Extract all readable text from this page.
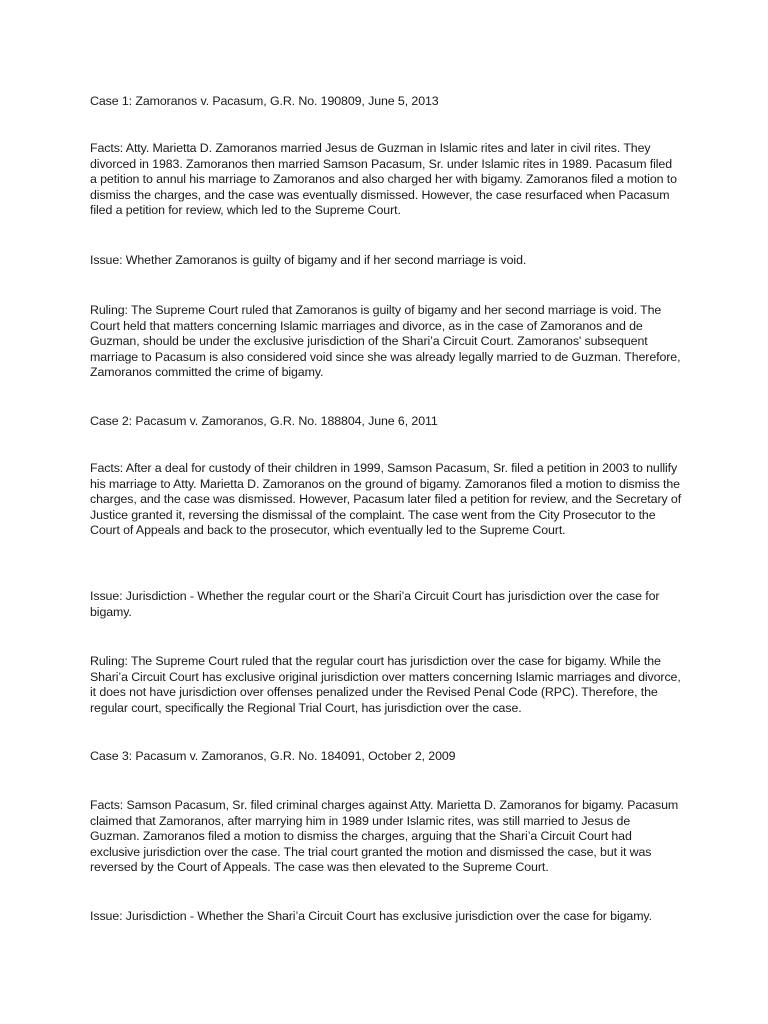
Case 1: Zamoranos v. Pacasum, G.R. No. 190809, June 5, 2013

Facts: Atty. Marietta D. Zamoranos married Jesus de Guzman in Islamic rites and later in civil rites. They divorced in 1983. Zamoranos then married Samson Pacasum, Sr. under Islamic rites in 1989. Pacasum filed a petition to annul his marriage to Zamoranos and also charged her with bigamy. Zamoranos filed a motion to dismiss the charges, and the case was eventually dismissed. However, the case resurfaced when Pacasum filed a petition for review, which led to the Supreme Court.

Issue: Whether Zamoranos is guilty of bigamy and if her second marriage is void.

Ruling: The Supreme Court ruled that Zamoranos is guilty of bigamy and her second marriage is void. The Court held that matters concerning Islamic marriages and divorce, as in the case of Zamoranos and de Guzman, should be under the exclusive jurisdiction of the Shari’a Circuit Court. Zamoranos' subsequent marriage to Pacasum is also considered void since she was already legally married to de Guzman. Therefore, Zamoranos committed the crime of bigamy.

Case 2: Pacasum v. Zamoranos, G.R. No. 188804, June 6, 2011

Facts: After a deal for custody of their children in 1999, Samson Pacasum, Sr. filed a petition in 2003 to nullify his marriage to Atty. Marietta D. Zamoranos on the ground of bigamy. Zamoranos filed a motion to dismiss the charges, and the case was dismissed. However, Pacasum later filed a petition for review, and the Secretary of Justice granted it, reversing the dismissal of the complaint. The case went from the City Prosecutor to the Court of Appeals and back to the prosecutor, which eventually led to the Supreme Court.

Issue: Jurisdiction - Whether the regular court or the Shari’a Circuit Court has jurisdiction over the case for bigamy.

Ruling: The Supreme Court ruled that the regular court has jurisdiction over the case for bigamy. While the Shari’a Circuit Court has exclusive original jurisdiction over matters concerning Islamic marriages and divorce, it does not have jurisdiction over offenses penalized under the Revised Penal Code (RPC). Therefore, the regular court, specifically the Regional Trial Court, has jurisdiction over the case.

Case 3: Pacasum v. Zamoranos, G.R. No. 184091, October 2, 2009

Facts: Samson Pacasum, Sr. filed criminal charges against Atty. Marietta D. Zamoranos for bigamy. Pacasum claimed that Zamoranos, after marrying him in 1989 under Islamic rites, was still married to Jesus de Guzman. Zamoranos filed a motion to dismiss the charges, arguing that the Shari’a Circuit Court had exclusive jurisdiction over the case. The trial court granted the motion and dismissed the case, but it was reversed by the Court of Appeals. The case was then elevated to the Supreme Court.

Issue: Jurisdiction - Whether the Shari’a Circuit Court has exclusive jurisdiction over the case for bigamy.
